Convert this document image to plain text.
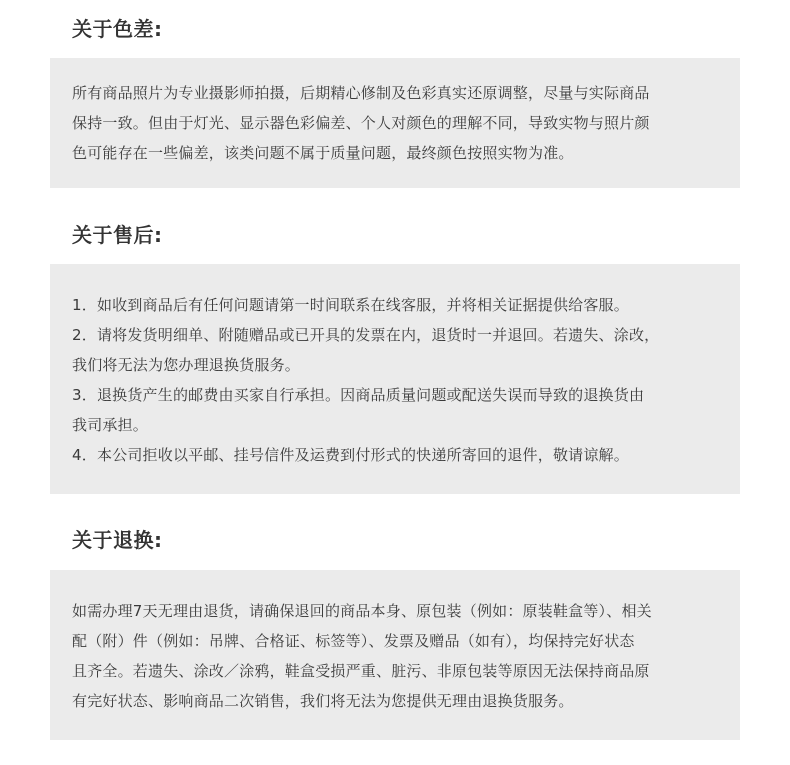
关于色差:
所有商品照片为专业摄影师拍摄，后期精心修制及色彩真实还原调整，尽量与实际商品
保持一致。但由于灯光、显示器色彩偏差、个人对颜色的理解不同，导致实物与照片颜
色可能存在一些偏差，该类问题不属于质量问题，最终颜色按照实物为准。
关于售后:
1．如收到商品后有任何问题请第一时间联系在线客服，并将相关证据提供给客服。
2．请将发货明细单、附随赠品或已开具的发票在内，退货时一并退回。若遗失、涂改，
我们将无法为您办理退换货服务。
3．退换货产生的邮费由买家自行承担。因商品质量问题或配送失误而导致的退换货由
我司承担。
4．本公司拒收以平邮、挂号信件及运费到付形式的快递所寄回的退件，敬请谅解。
关于退换:
如需办理7天无理由退货，请确保退回的商品本身、原包装（例如：原装鞋盒等）、相关
配（附）件（例如：吊牌、合格证、标签等）、发票及赠品（如有），均保持完好状态
且齐全。若遗失、涂改／涂鸦，鞋盒受损严重、脏污、非原包装等原因无法保持商品原
有完好状态、影响商品二次销售，我们将无法为您提供无理由退换货服务。
